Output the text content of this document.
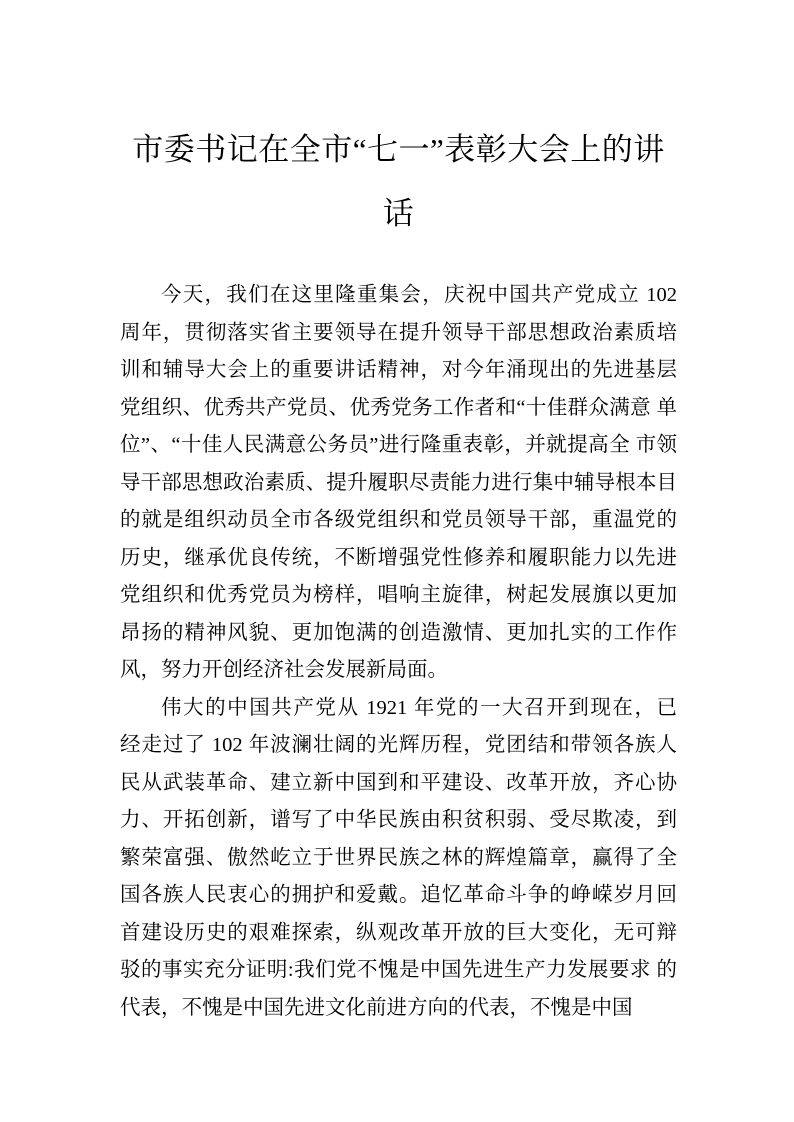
市委书记在全市“七一”表彰大会上的讲
话
今天，我们在这里隆重集会，庆祝中国共产党成立 102
周年，贯彻落实省主要领导在提升领导干部思想政治素质培
训和辅导大会上的重要讲话精神，对今年涌现出的先进基层
党组织、优秀共产党员、优秀党务工作者和“十佳群众满意 单
位”、“十佳人民满意公务员”进行隆重表彰，并就提高全 市领
导干部思想政治素质、提升履职尽责能力进行集中辅导根本目
的就是组织动员全市各级党组织和党员领导干部，重温党的
历史，继承优良传统，不断增强党性修养和履职能力以先进
党组织和优秀党员为榜样，唱响主旋律，树起发展旗以更加
昂扬的精神风貌、更加饱满的创造激情、更加扎实的工作作
风，努力开创经济社会发展新局面。
伟大的中国共产党从 1921 年党的一大召开到现在，已
经走过了 102 年波澜壮阔的光辉历程，党团结和带领各族人
民从武装革命、建立新中国到和平建设、改革开放，齐心协
力、开拓创新，谱写了中华民族由积贫积弱、受尽欺凌，到
繁荣富强、傲然屹立于世界民族之林的辉煌篇章，赢得了全
国各族人民衷心的拥护和爱戴。追忆革命斗争的峥嵘岁月回
首建设历史的艰难探索，纵观改革开放的巨大变化，无可辩
驳的事实充分证明:我们党不愧是中国先进生产力发展要求 的
代表，不愧是中国先进文化前进方向的代表，不愧是中国
